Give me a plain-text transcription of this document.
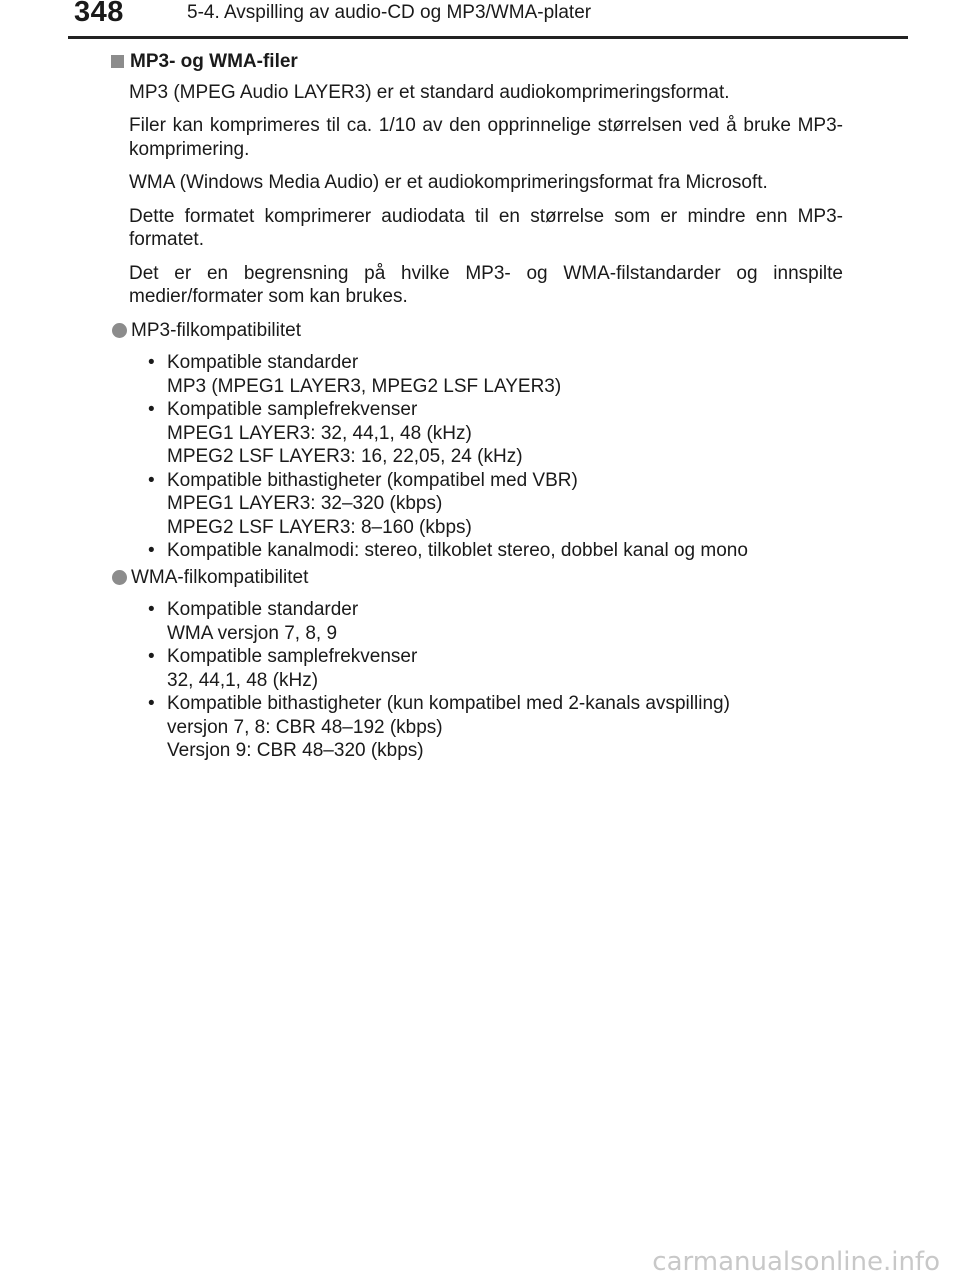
348	5-4. Avspilling av audio-CD og MP3/WMA-plater
MP3- og WMA-filer

MP3 (MPEG Audio LAYER3) er et standard audiokomprimeringsformat.

Filer kan komprimeres til ca. 1/10 av den opprinnelige størrelsen ved å bruke MP3-komprimering.

WMA (Windows Media Audio) er et audiokomprimeringsformat fra Microsoft.

Dette formatet komprimerer audiodata til en størrelse som er mindre enn MP3-formatet.

Det er en begrensning på hvilke MP3- og WMA-filstandarder og innspilte medier/formater som kan brukes.

MP3-filkompatibilitet
• Kompatible standarder
MP3 (MPEG1 LAYER3, MPEG2 LSF LAYER3)
• Kompatible samplefrekvenser
MPEG1 LAYER3: 32, 44,1, 48 (kHz)
MPEG2 LSF LAYER3: 16, 22,05, 24 (kHz)
• Kompatible bithastigheter (kompatibel med VBR)
MPEG1 LAYER3: 32–320 (kbps)
MPEG2 LSF LAYER3: 8–160 (kbps)
• Kompatible kanalmodi: stereo, tilkoblet stereo, dobbel kanal og mono
WMA-filkompatibilitet
• Kompatible standarder
WMA versjon 7, 8, 9
• Kompatible samplefrekvenser
32, 44,1, 48 (kHz)
• Kompatible bithastigheter (kun kompatibel med 2-kanals avspilling)
versjon 7, 8: CBR 48–192 (kbps)
Versjon 9: CBR 48–320 (kbps)
carmanualsonline.info
